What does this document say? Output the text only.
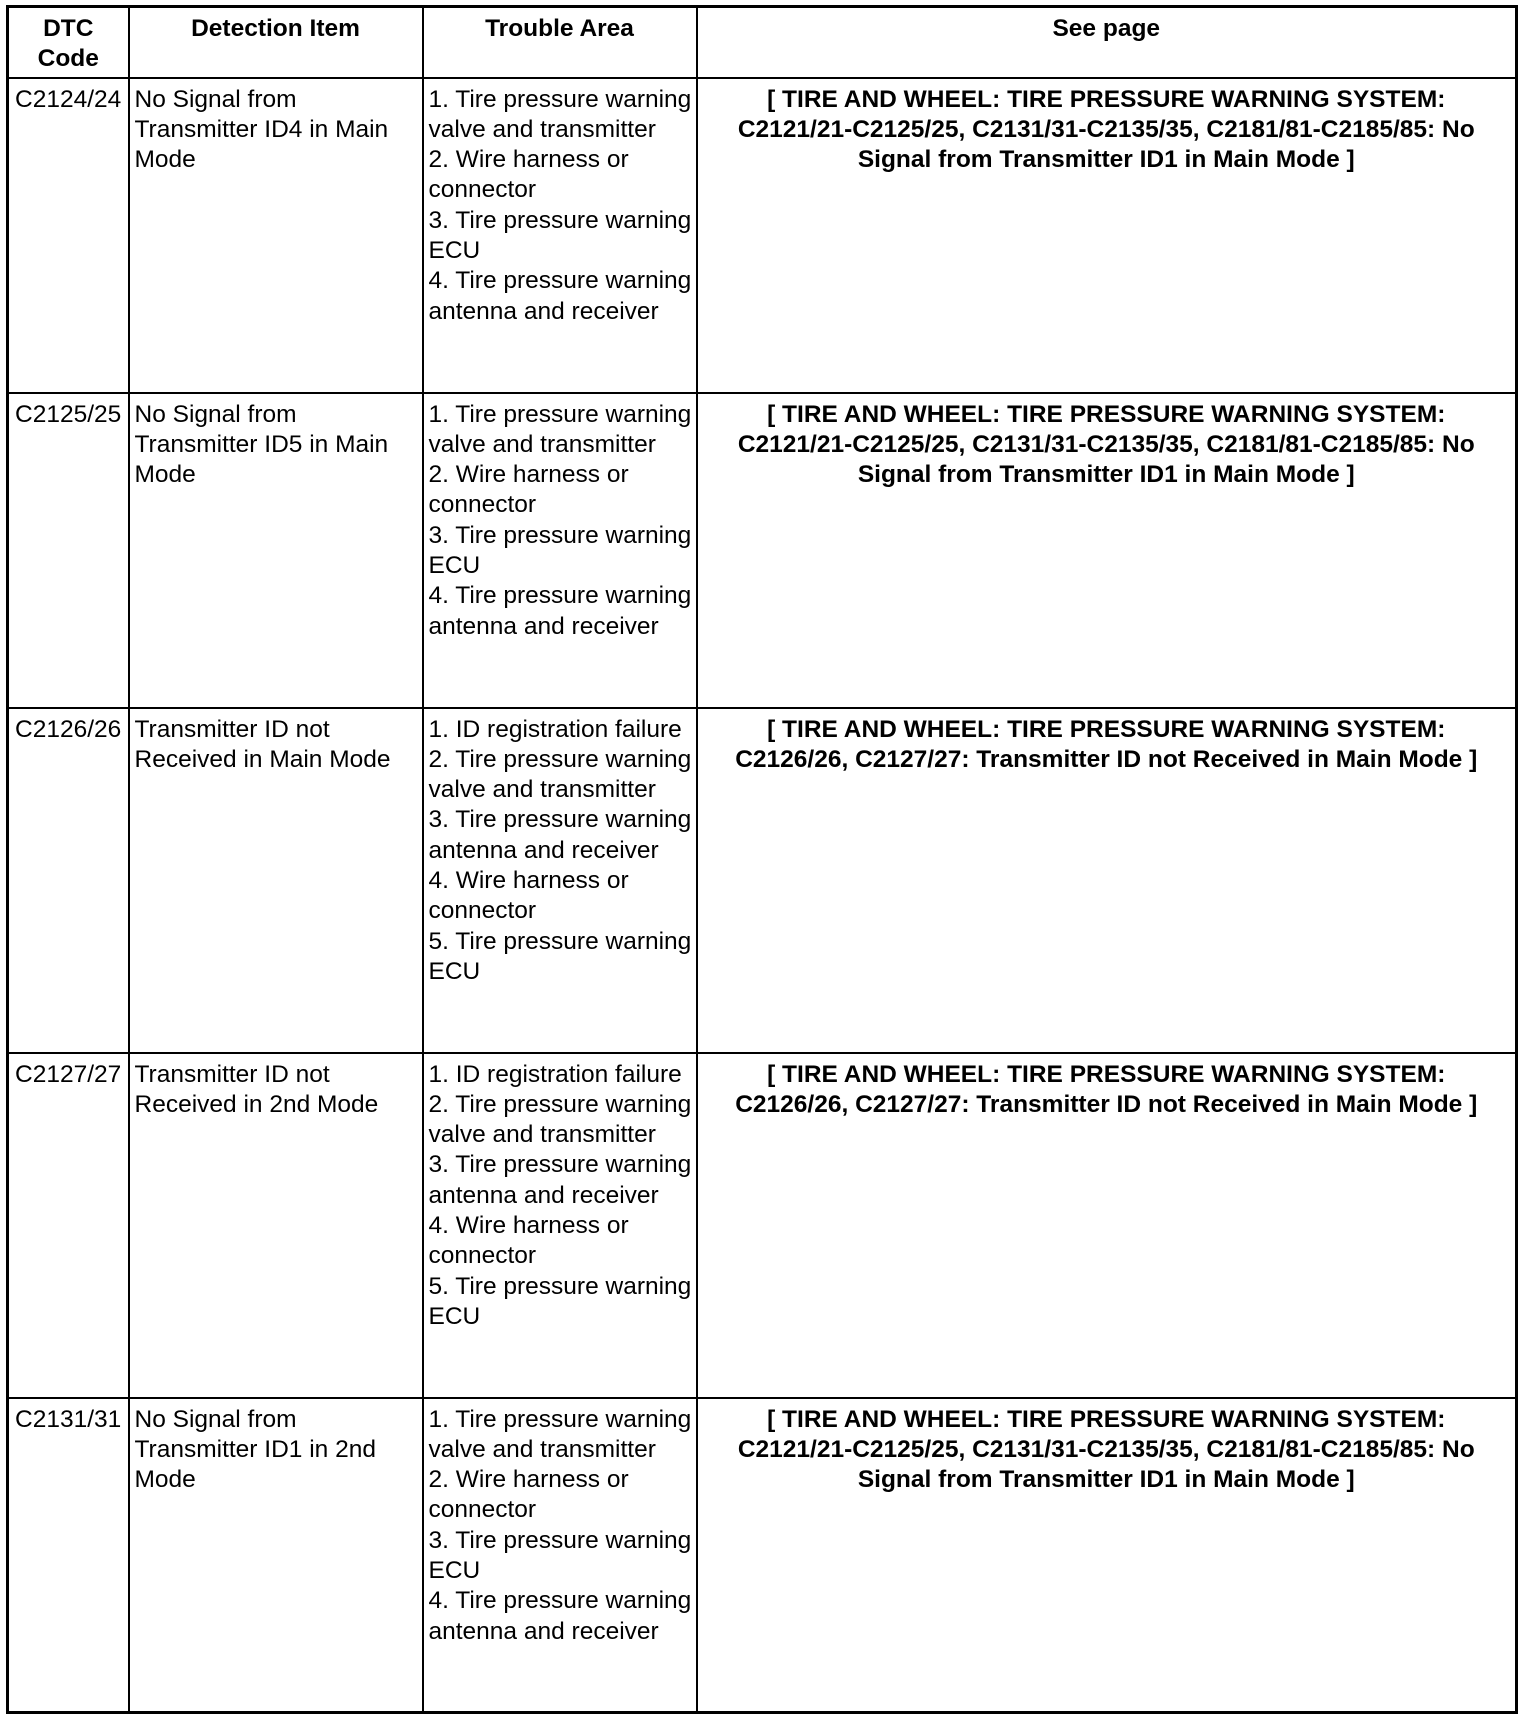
DTC Code	Detection Item	Trouble Area	See page
C2124/24	No Signal from Transmitter ID4 in Main Mode	1. Tire pressure warning valve and transmitter
2. Wire harness or connector
3. Tire pressure warning ECU
4. Tire pressure warning antenna and receiver	[ TIRE AND WHEEL: TIRE PRESSURE WARNING SYSTEM: C2121/21-C2125/25, C2131/31-C2135/35, C2181/81-C2185/85: No Signal from Transmitter ID1 in Main Mode ]
C2125/25	No Signal from Transmitter ID5 in Main Mode	1. Tire pressure warning valve and transmitter
2. Wire harness or connector
3. Tire pressure warning ECU
4. Tire pressure warning antenna and receiver	[ TIRE AND WHEEL: TIRE PRESSURE WARNING SYSTEM: C2121/21-C2125/25, C2131/31-C2135/35, C2181/81-C2185/85: No Signal from Transmitter ID1 in Main Mode ]
C2126/26	Transmitter ID not Received in Main Mode	1. ID registration failure
2. Tire pressure warning valve and transmitter
3. Tire pressure warning antenna and receiver
4. Wire harness or connector
5. Tire pressure warning ECU	[ TIRE AND WHEEL: TIRE PRESSURE WARNING SYSTEM: C2126/26, C2127/27: Transmitter ID not Received in Main Mode ]
C2127/27	Transmitter ID not Received in 2nd Mode	1. ID registration failure
2. Tire pressure warning valve and transmitter
3. Tire pressure warning antenna and receiver
4. Wire harness or connector
5. Tire pressure warning ECU	[ TIRE AND WHEEL: TIRE PRESSURE WARNING SYSTEM: C2126/26, C2127/27: Transmitter ID not Received in Main Mode ]
C2131/31	No Signal from Transmitter ID1 in 2nd Mode	1. Tire pressure warning valve and transmitter
2. Wire harness or connector
3. Tire pressure warning ECU
4. Tire pressure warning antenna and receiver	[ TIRE AND WHEEL: TIRE PRESSURE WARNING SYSTEM: C2121/21-C2125/25, C2131/31-C2135/35, C2181/81-C2185/85: No Signal from Transmitter ID1 in Main Mode ]
